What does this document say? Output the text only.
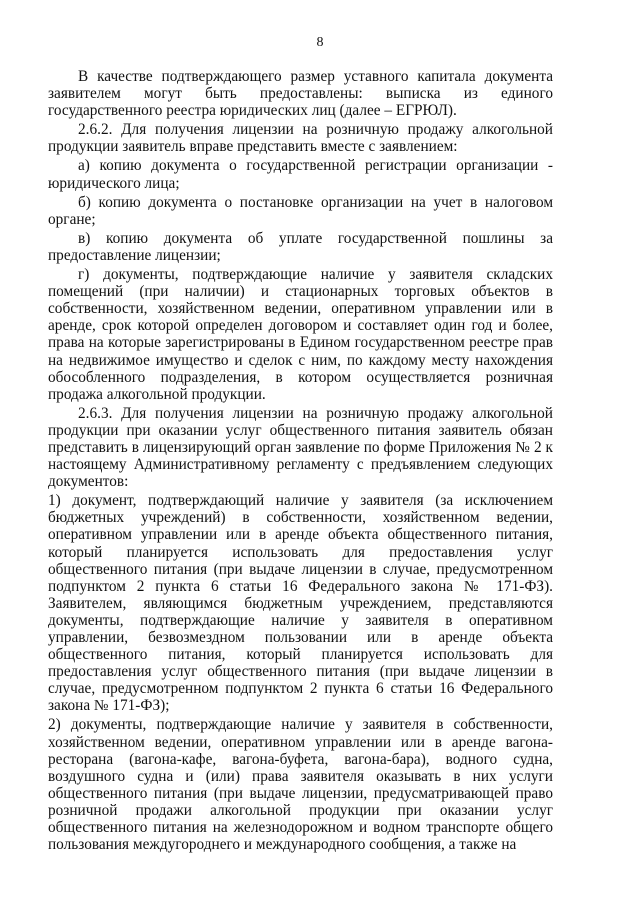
8

В качестве подтверждающего размер уставного капитала документа заявителем могут быть предоставлены: выписка из единого государственного реестра юридических лиц (далее – ЕГРЮЛ).

2.6.2. Для получения лицензии на розничную продажу алкогольной продукции заявитель вправе представить вместе с заявлением:

а) копию документа о государственной регистрации организации - юридического лица;

б) копию документа о постановке организации на учет в налоговом органе;

в) копию документа об уплате государственной пошлины за предоставление лицензии;

г) документы, подтверждающие наличие у заявителя складских помещений (при наличии) и стационарных торговых объектов в собственности, хозяйственном ведении, оперативном управлении или в аренде, срок которой определен договором и составляет один год и более, права на которые зарегистрированы в Едином государственном реестре прав на недвижимое имущество и сделок с ним, по каждому месту нахождения обособленного подразделения, в котором осуществляется розничная продажа алкогольной продукции.

2.6.3. Для получения лицензии на розничную продажу алкогольной продукции при оказании услуг общественного питания заявитель обязан представить в лицензирующий орган заявление по форме Приложения № 2 к настоящему Административному регламенту с предъявлением следующих документов:

1) документ, подтверждающий наличие у заявителя (за исключением бюджетных учреждений) в собственности, хозяйственном ведении, оперативном управлении или в аренде объекта общественного питания, который планируется использовать для предоставления услуг общественного питания (при выдаче лицензии в случае, предусмотренном подпунктом 2 пункта 6 статьи 16 Федерального закона № 171-ФЗ). Заявителем, являющимся бюджетным учреждением, представляются документы, подтверждающие наличие у заявителя в оперативном управлении, безвозмездном пользовании или в аренде объекта общественного питания, который планируется использовать для предоставления услуг общественного питания (при выдаче лицензии в случае, предусмотренном подпунктом 2 пункта 6 статьи 16 Федерального закона № 171-ФЗ);

2) документы, подтверждающие наличие у заявителя в собственности, хозяйственном ведении, оперативном управлении или в аренде вагона-ресторана (вагона-кафе, вагона-буфета, вагона-бара), водного судна, воздушного судна и (или) права заявителя оказывать в них услуги общественного питания (при выдаче лицензии, предусматривающей право розничной продажи алкогольной продукции при оказании услуг общественного питания на железнодорожном и водном транспорте общего пользования междугороднего и международного сообщения, а также на
